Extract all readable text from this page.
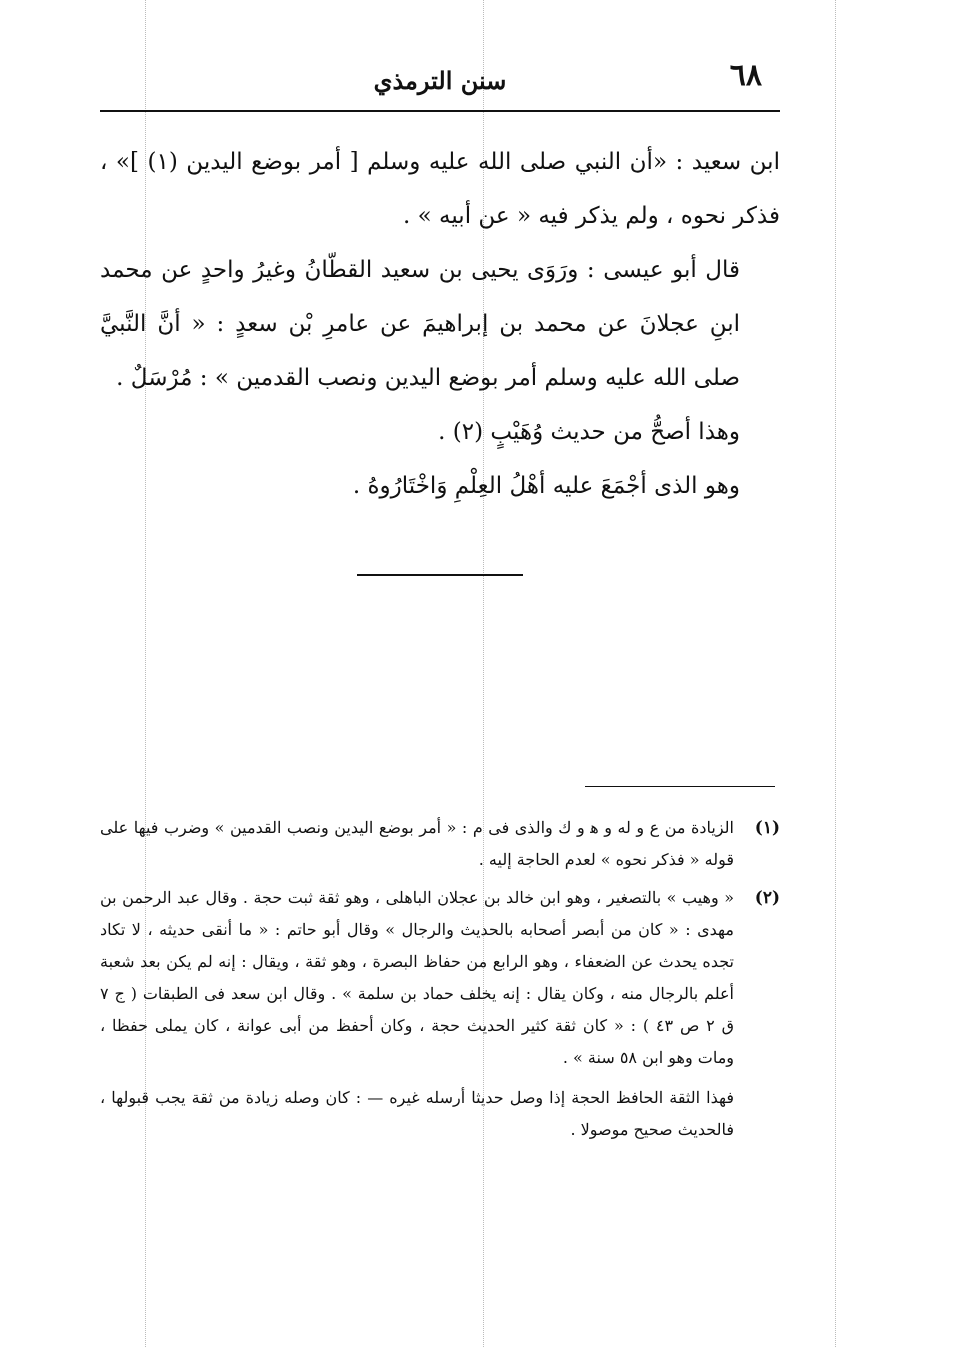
٦٨
سنن الترمذي

ابن سعيد : «أن النبي صلى الله عليه وسلم [ أمر بوضع اليدين (١) ]» ، فذكر نحوه ، ولم يذكر فيه « عن أبيه » .

قال أبو عيسى : ورَوَى يحيى بن سعيد القطّانُ وغيرُ واحدٍ عن محمد ابنِ عجلانَ عن محمد بن إبراهيمَ عن عامرِ بْن سعدٍ : « أنَّ النَّبيَّ صلى الله عليه وسلم أمر بوضع اليدين ونصب القدمين » : مُرْسَلٌ .

وهذا أصحُّ من حديث وُهَيْبٍ (٢) .

وهو الذى أجْمَعَ عليه أهْلُ العِلْمِ وَاخْتَارُوهُ .

(١)
الزيادة من ع و له و ﻫ و ك والذى فى م : « أمر بوضع اليدين ونصب القدمين » وضرب فيها على قوله « فذكر نحوه » لعدم الحاجة إليه .
(٢)
« وهيب » بالتصغير ، وهو ابن خالد بن عجلان الباهلى ، وهو ثقة ثبت حجة . وقال عبد الرحمن بن مهدى : « كان من أبصر أصحابه بالحديث والرجال » وقال أبو حاتم : « ما أنقى حديثه ، لا تكاد تجده يحدث عن الضعفاء ، وهو الرابع من حفاظ البصرة ، وهو ثقة ، ويقال : إنه لم يكن بعد شعبة أعلم بالرجال منه ، وكان يقال : إنه يخلف حماد بن سلمة » . وقال ابن سعد فى الطبقات ( ج ٧ ق ٢ ص ٤٣ ) : « كان ثقة كثير الحديث حجة ، وكان أحفظ من أبى عوانة ، كان يملى حفظا ، ومات وهو ابن ٥٨ سنة » .

فهذا الثقة الحافظ الحجة إذا وصل حديثا أرسله غيره — : كان وصله زيادة من ثقة يجب قبولها ، فالحديث صحيح موصولا .
